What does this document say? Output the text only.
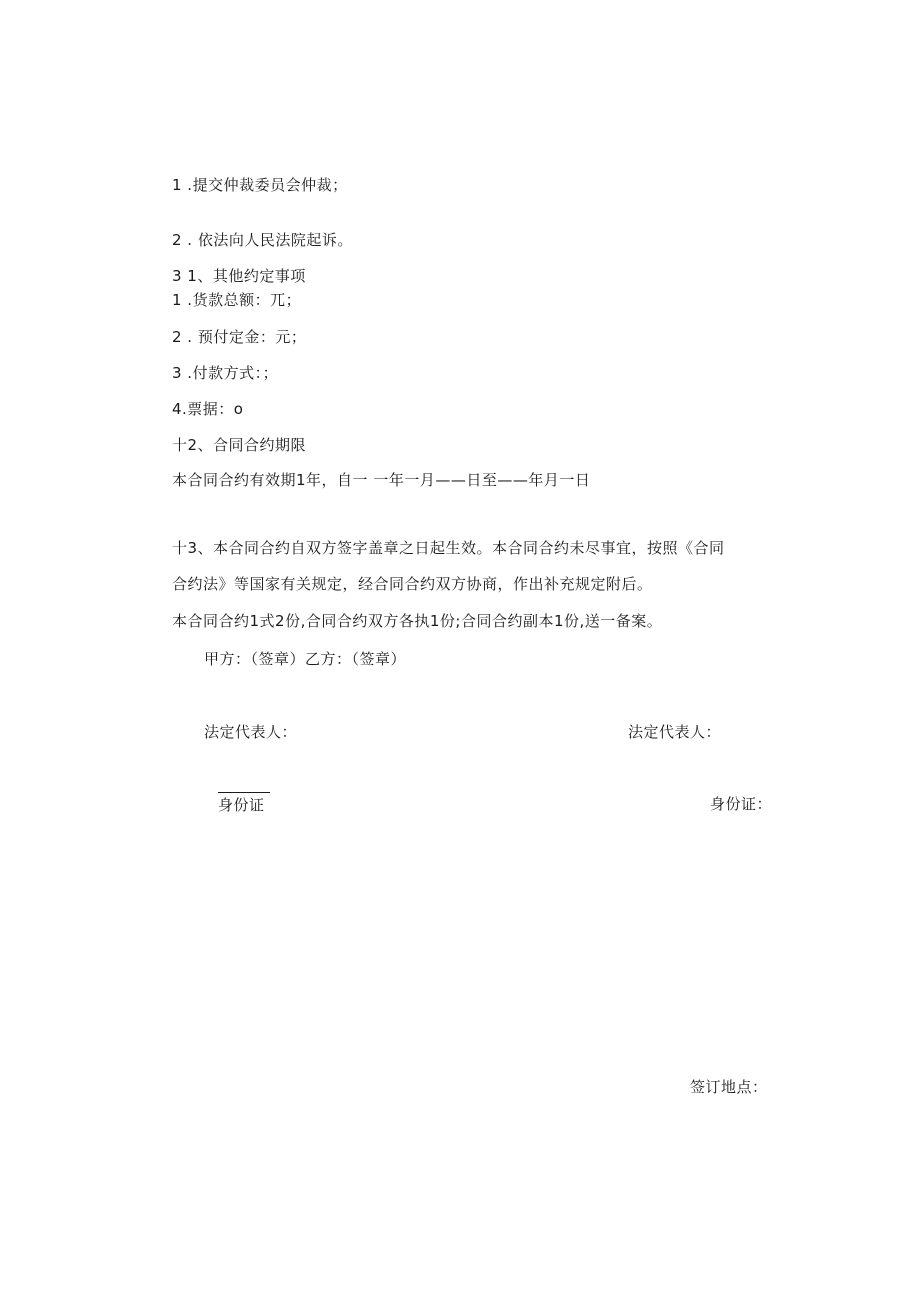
1 .提交仲裁委员会仲裁；
2 . 依法向人民法院起诉。
3 1、其他约定事项
1 .货款总额：兀；
2 . 预付定金：元；
3 .付款方式：；
4.票据：o
十2、合同合约期限
本合同合约有效期1年，自一 一年一月——日至——年月一日
十3、本合同合约自双方签字盖章之日起生效。本合同合约未尽事宜，按照《合同
合约法》等国家有关规定，经合同合约双方协商，作出补充规定附后。
本合同合约1式2份,合同合约双方各执1份;合同合约副本1份,送一备案。
甲方：（签章）乙方：（签章）
法定代表人：	法定代表人：
身份证	身份证：
签订地点：
